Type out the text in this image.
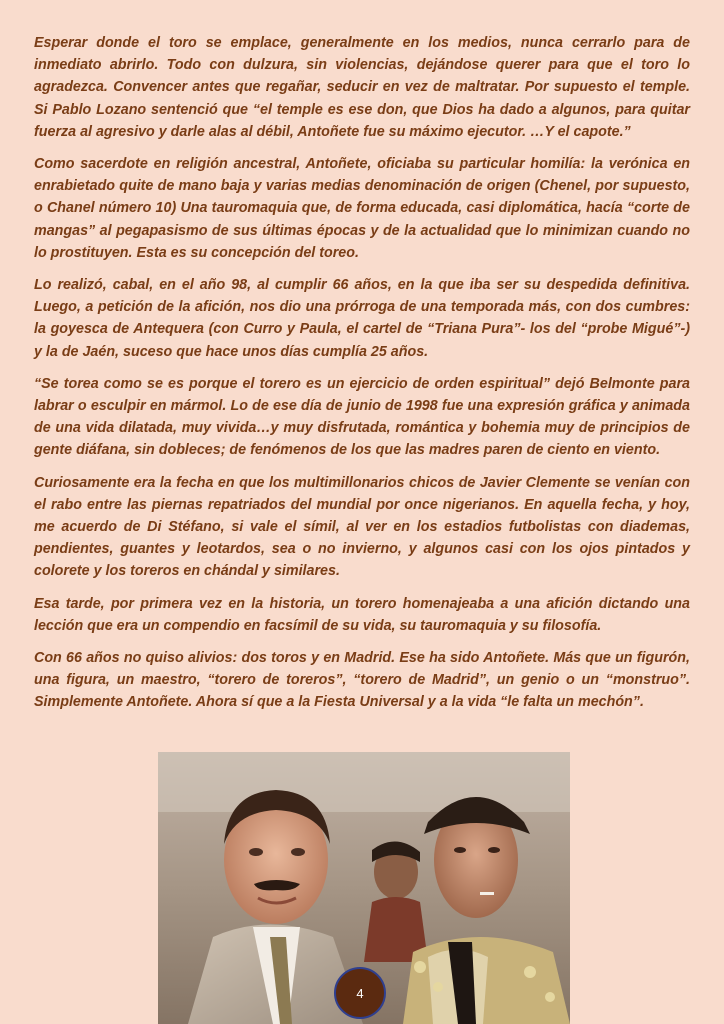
Esperar donde el toro se emplace, generalmente en los medios, nunca cerrarlo para de inmediato abrirlo. Todo con dulzura, sin violencias, dejándose querer para que el toro lo agradezca. Convencer antes que regañar, seducir en vez de maltratar. Por supuesto el temple. Si Pablo Lozano sentenció que “el temple es ese don, que Dios ha dado a algunos, para quitar fuerza al agresivo y darle alas al débil, Antoñete fue su máximo ejecutor. …Y el capote.”

Como sacerdote en religión ancestral, Antoñete, oficiaba su particular homilía: la verónica en enrabietado quite de mano baja y varias medias denominación de origen (Chenel, por supuesto, o Chanel número 10) Una tauromaquia que, de forma educada, casi diplomática, hacía “corte de mangas” al pegapasismo de sus últimas épocas y de la actualidad que lo minimizan cuando no lo prostituyen. Esta es su concepción del toreo.

Lo realizó, cabal, en el año 98, al cumplir 66 años, en la que iba ser su despedida definitiva. Luego, a petición de la afición, nos dio una prórroga de una temporada más, con dos cumbres: la goyesca de Antequera (con Curro y Paula, el cartel de “Triana Pura”- los del “probe Migué”-) y la de Jaén, suceso que hace unos días cumplía 25 años.

“Se torea como se es porque el torero es un ejercicio de orden espiritual” dejó Belmonte para labrar o esculpir en mármol. Lo de ese día de junio de 1998 fue una expresión gráfica y animada de una vida dilatada, muy vivida…y muy disfrutada, romántica y bohemia muy de principios de gente diáfana, sin dobleces; de fenómenos de los que las madres paren de ciento en viento.

Curiosamente era la fecha en que los multimillonarios chicos de Javier Clemente se venían con el rabo entre las piernas repatriados del mundial por once nigerianos. En aquella fecha, y hoy, me acuerdo de Di Stéfano, si vale el símil, al ver en los estadios futbolistas con diademas, pendientes, guantes y leotardos, sea o no invierno, y algunos casi con los ojos pintados y colorete y los toreros en chándal y similares.

Esa tarde, por primera vez en la historia, un torero homenajeaba a una afición dictando una lección que era un compendio en facsímil de su vida, su tauromaquia y su filosofía.

Con 66 años no quiso alivios: dos toros y en Madrid. Ese ha sido Antoñete. Más que un figurón, una figura, un maestro, “torero de toreros”, “torero de Madrid”, un genio o un “monstruo”. Simplemente Antoñete. Ahora sí que a la Fiesta Universal y a la vida “le falta un mechón”.

4
